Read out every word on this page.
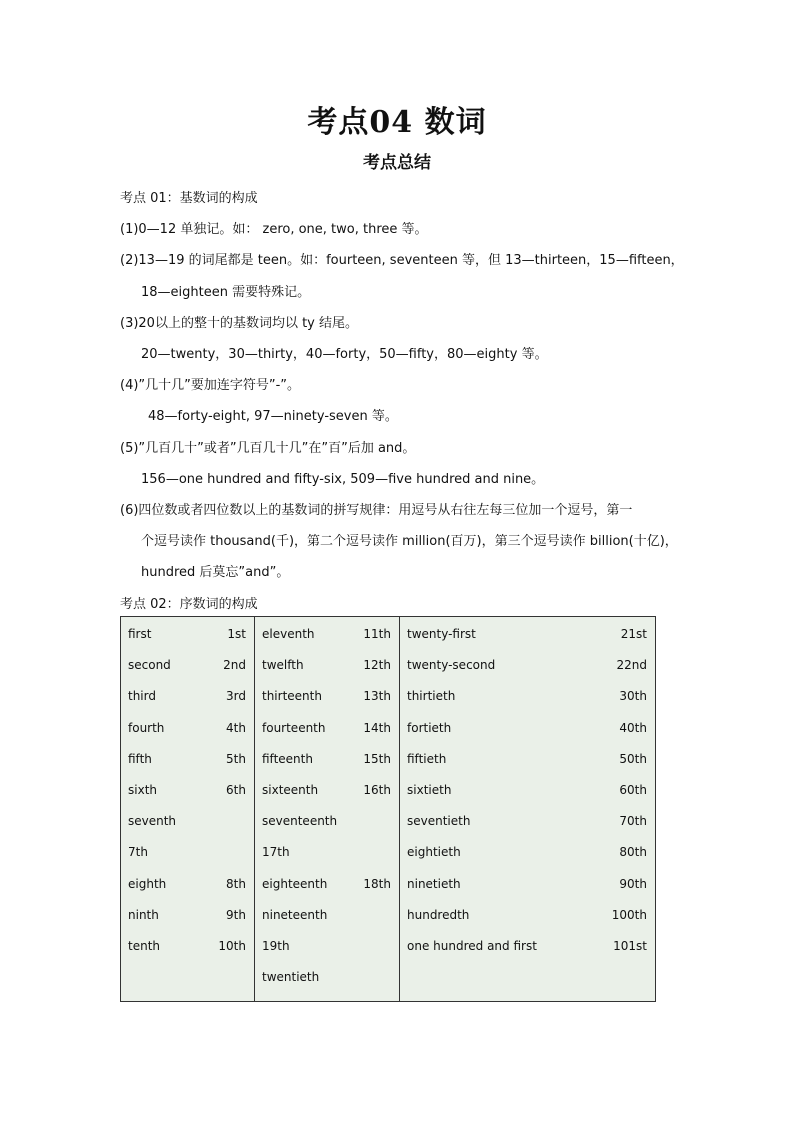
考点04 数词
考点总结
考点 01：基数词的构成
(1)0—12 单独记。如： zero, one, two, three 等。
(2)13—19 的词尾都是 teen。如：fourteen, seventeen 等，但 13—thirteen，15—fifteen，
18—eighteen 需要特殊记。
(3)20以上的整十的基数词均以 ty 结尾。
20—twenty，30—thirty，40—forty，50—fifty，80—eighty 等。
(4)”几十几”要加连字符号”-”。
48—forty-eight, 97—ninety-seven 等。
(5)”几百几十”或者”几百几十几”在”百”后加 and。
156—one hundred and fifty-six, 509—five hundred and nine。
(6)四位数或者四位数以上的基数词的拼写规律：用逗号从右往左每三位加一个逗号，第一
个逗号读作 thousand(千)，第二个逗号读作 million(百万)，第三个逗号读作 billion(十亿)，
hundred 后莫忘”and”。
考点 02：序数词的构成
first	1st
second	2nd
third	3rd
fourth	4th
fifth	5th
sixth	6th
seventh
7th
eighth	8th
ninth	9th
tenth	10th

eleventh	11th
twelfth	12th
thirteenth	13th
fourteenth	14th
fifteenth	15th
sixteenth	16th
seventeenth
17th
eighteenth	18th
nineteenth
19th
twentieth

twenty-first	21st
twenty-second	22nd
thirtieth	30th
fortieth	40th
fiftieth	50th
sixtieth	60th
seventieth	70th
eightieth	80th
ninetieth	90th
hundredth	100th
one hundred and first	101st
